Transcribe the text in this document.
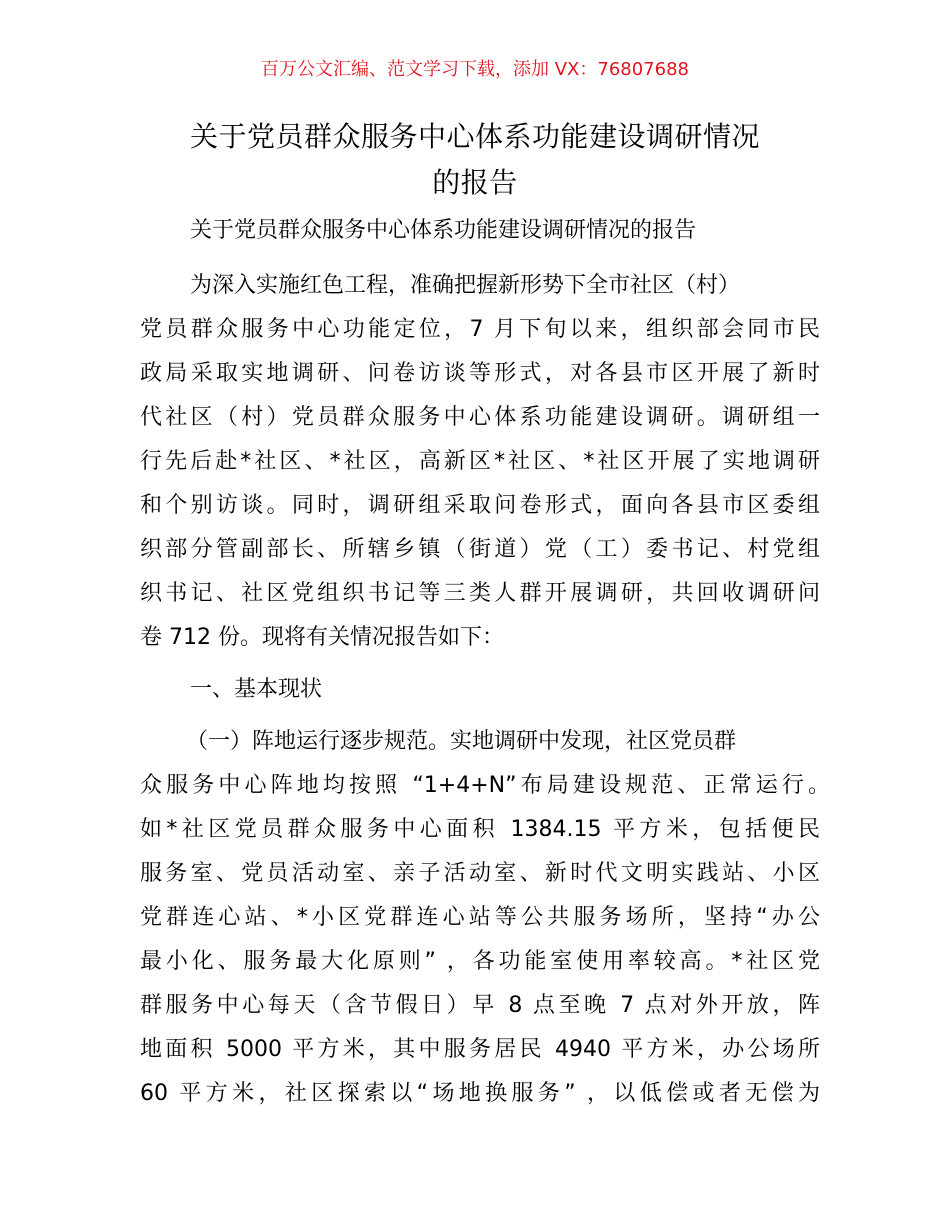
百万公文汇编、范文学习下载，添加 VX：76807688
关于党员群众服务中心体系功能建设调研情况
的报告
关于党员群众服务中心体系功能建设调研情况的报告
为深入实施红色工程，准确把握新形势下全市社区（村）
党员群众服务中心功能定位，7 月下旬以来，组织部会同市民
政局采取实地调研、问卷访谈等形式，对各县市区开展了新时
代社区（村）党员群众服务中心体系功能建设调研。调研组一
行先后赴*社区、*社区，高新区*社区、*社区开展了实地调研
和个别访谈。同时，调研组采取问卷形式，面向各县市区委组
织部分管副部长、所辖乡镇（街道）党（工）委书记、村党组
织书记、社区党组织书记等三类人群开展调研，共回收调研问
卷 712 份。现将有关情况报告如下：
一、基本现状
（一）阵地运行逐步规范。实地调研中发现，社区党员群
众服务中心阵地均按照 “1+4+N”布局建设规范、正常运行。
如*社区党员群众服务中心面积 1384.15 平方米，包括便民
服务室、党员活动室、亲子活动室、新时代文明实践站、小区
党群连心站、*小区党群连心站等公共服务场所，坚持“办公
最小化、服务最大化原则” ，各功能室使用率较高。*社区党
群服务中心每天（含节假日）早 8 点至晚 7 点对外开放，阵
地面积 5000 平方米，其中服务居民 4940 平方米，办公场所
60 平方米，社区探索以“场地换服务” ，以低偿或者无偿为
